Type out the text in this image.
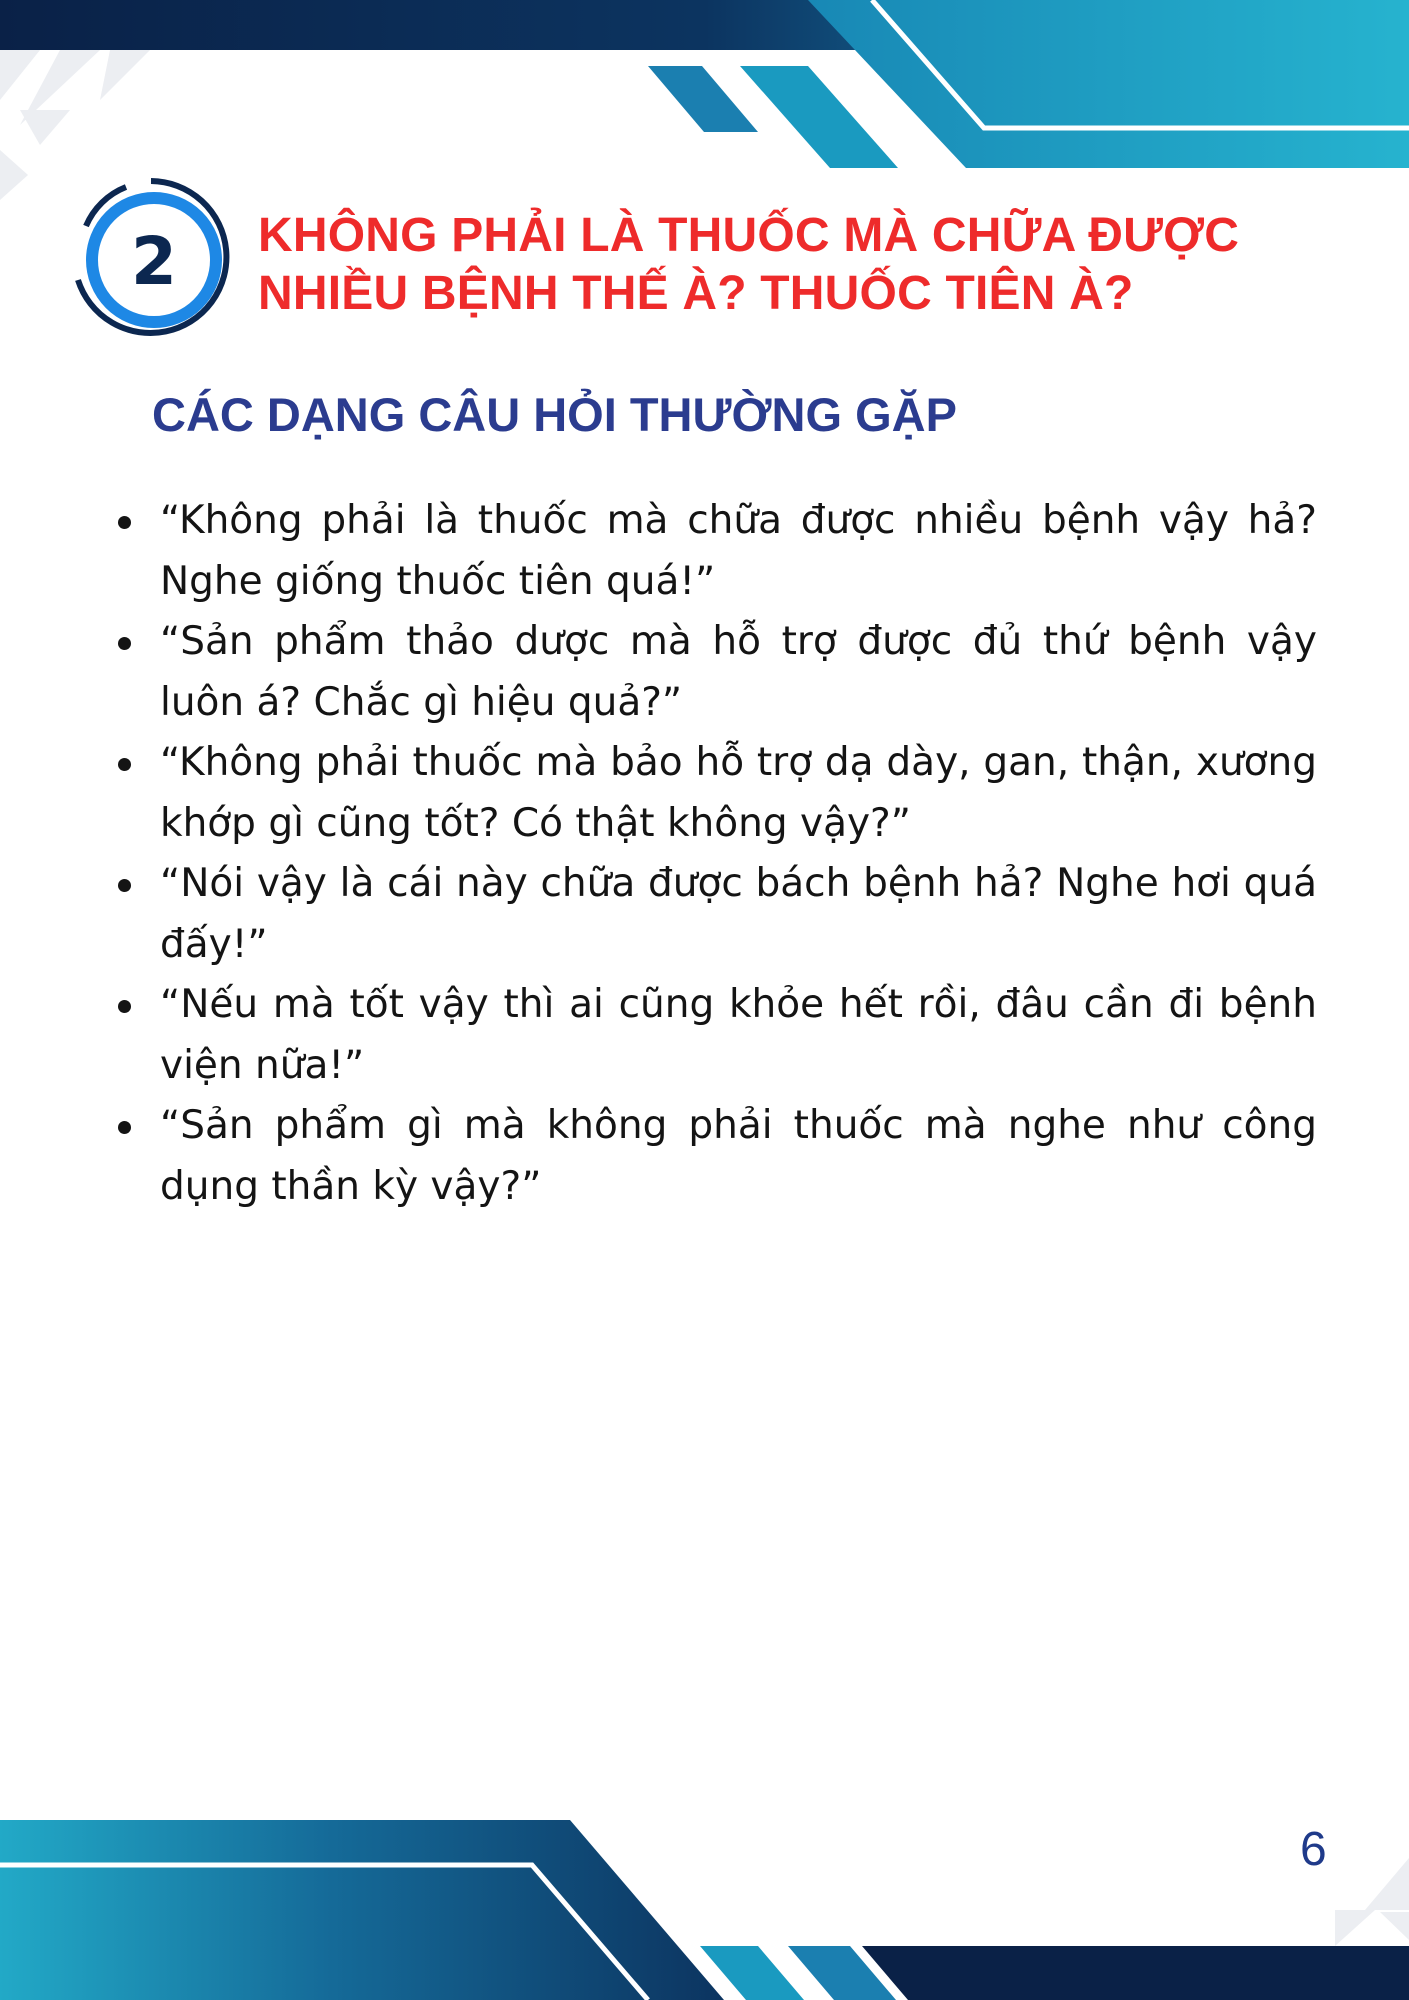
2 KHÔNG PHẢI LÀ THUỐC MÀ CHỮA ĐƯỢC
NHIỀU BỆNH THẾ À? THUỐC TIÊN À?
CÁC DẠNG CÂU HỎI THƯỜNG GẶP
“Không phải là thuốc mà chữa được nhiều bệnh vậy hả? Nghe giống thuốc tiên quá!”
“Sản phẩm thảo dược mà hỗ trợ được đủ thứ bệnh vậy luôn á? Chắc gì hiệu quả?”
“Không phải thuốc mà bảo hỗ trợ dạ dày, gan, thận, xương khớp gì cũng tốt? Có thật không vậy?”
“Nói vậy là cái này chữa được bách bệnh hả? Nghe hơi quá đấy!”
“Nếu mà tốt vậy thì ai cũng khỏe hết rồi, đâu cần đi bệnh viện nữa!”
“Sản phẩm gì mà không phải thuốc mà nghe như công dụng thần kỳ vậy?”
6
